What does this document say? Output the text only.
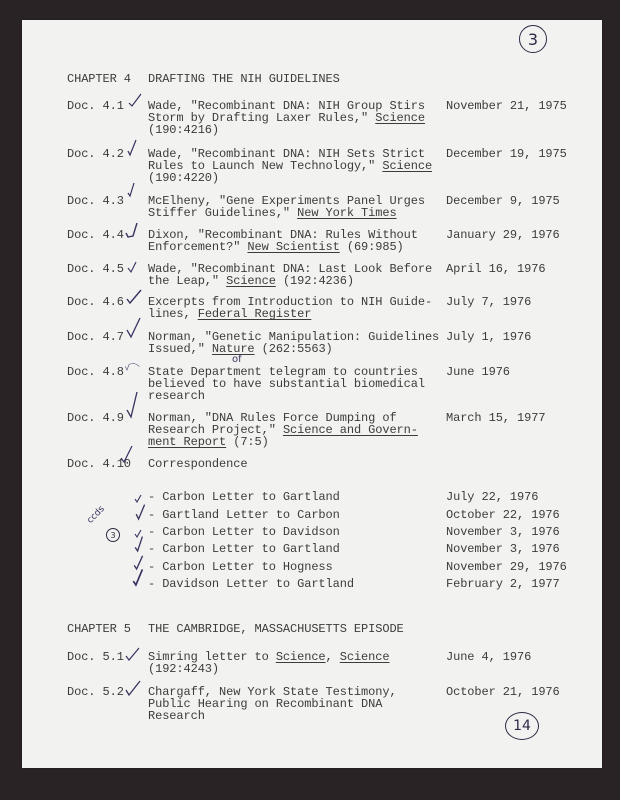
3
CHAPTER 4 DRAFTING THE NIH GUIDELINES
Doc. 4.1 Wade, "Recombinant DNA: NIH Group Stirs
Storm by Drafting Laxer Rules," Science
(190:4216)
November 21, 1975
Doc. 4.2 Wade, "Recombinant DNA: NIH Sets Strict
Rules to Launch New Technology," Science
(190:4220)
December 19, 1975
Doc. 4.3 McElheny, "Gene Experiments Panel Urges
Stiffer Guidelines," New York Times
December 9, 1975
Doc. 4.4 Dixon, "Recombinant DNA: Rules Without
Enforcement?" New Scientist (69:985)
January 29, 1976
Doc. 4.5 Wade, "Recombinant DNA: Last Look Before
the Leap," Science (192:4236)
April 16, 1976
Doc. 4.6 Excerpts from Introduction to NIH Guide-
lines, Federal Register
July 7, 1976
Doc. 4.7 Norman, "Genetic Manipulation: Guidelines
Issued," Nature (262:5563)
July 1, 1976
Doc. 4.8 State Department telegram to countries
of
believed to have substantial biomedical
research
June 1976
Doc. 4.9 Norman, "DNA Rules Force Dumping of
Research Project," Science and Govern-
ment Report (7:5)
March 15, 1977
Doc. 4.10 Correspondence
- Carbon Letter to Gartland	July 22, 1976
- Gartland Letter to Carbon	October 22, 1976
- Carbon Letter to Davidson	November 3, 1976
- Carbon Letter to Gartland	November 3, 1976
- Carbon Letter to Hogness	November 29, 1976
- Davidson Letter to Gartland	February 2, 1977
ccds
3
CHAPTER 5 THE CAMBRIDGE, MASSACHUSETTS EPISODE
Doc. 5.1 Simring letter to Science, Science
(192:4243)
June 4, 1976
Doc. 5.2 Chargaff, New York State Testimony,
Public Hearing on Recombinant DNA
Research
October 21, 1976
14
